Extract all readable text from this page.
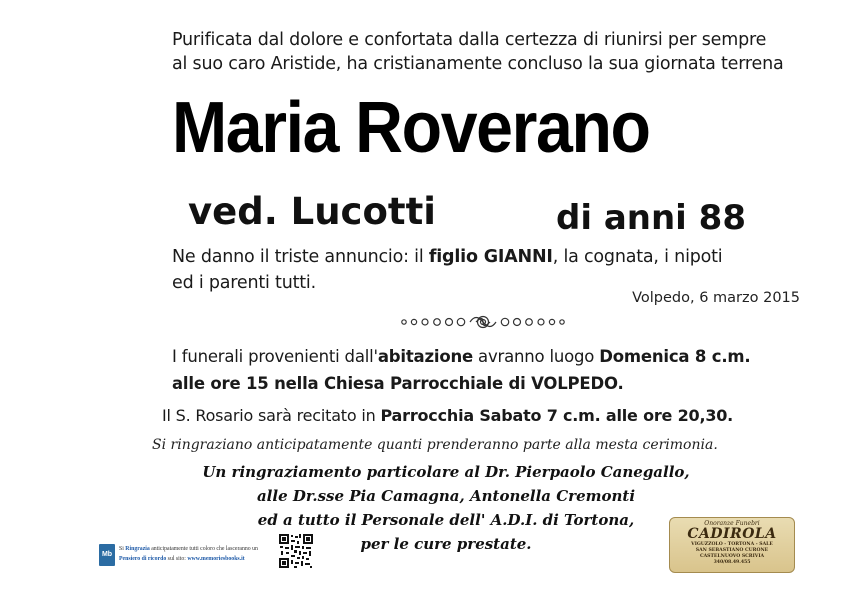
Purificata dal dolore e confortata dalla certezza di riunirsi per sempre
al suo caro Aristide, ha cristianamente concluso la sua giornata terrena
Maria Roverano
ved. Lucotti	di anni 88
Ne danno il triste annuncio: il figlio GIANNI, la cognata, i nipoti
ed i parenti tutti.
Volpedo, 6 marzo 2015
I funerali provenienti dall'abitazione avranno luogo Domenica 8 c.m.
alle ore 15 nella Chiesa Parrocchiale di VOLPEDO.
Il S. Rosario sarà recitato in Parrocchia Sabato 7 c.m. alle ore 20,30.
Si ringraziano anticipatamente quanti prenderanno parte alla mesta cerimonia.
Un ringraziamento particolare al Dr. Pierpaolo Canegallo,
alle Dr.sse Pia Camagna, Antonella Cremonti
ed a tutto il Personale dell' A.D.I. di Tortona,
per le cure prestate.
Mb
Si Ringrazia anticipatamente tutti coloro che lasceranno un
Pensiero di ricordo sul sito: www.memoriesbooks.it
Onoranze Funebri
CADIROLA
VIGUZZOLO - TORTONA - SALE
SAN SEBASTIANO CURONE
CASTELNUOVO SCRIVIA
340/08.49.455
